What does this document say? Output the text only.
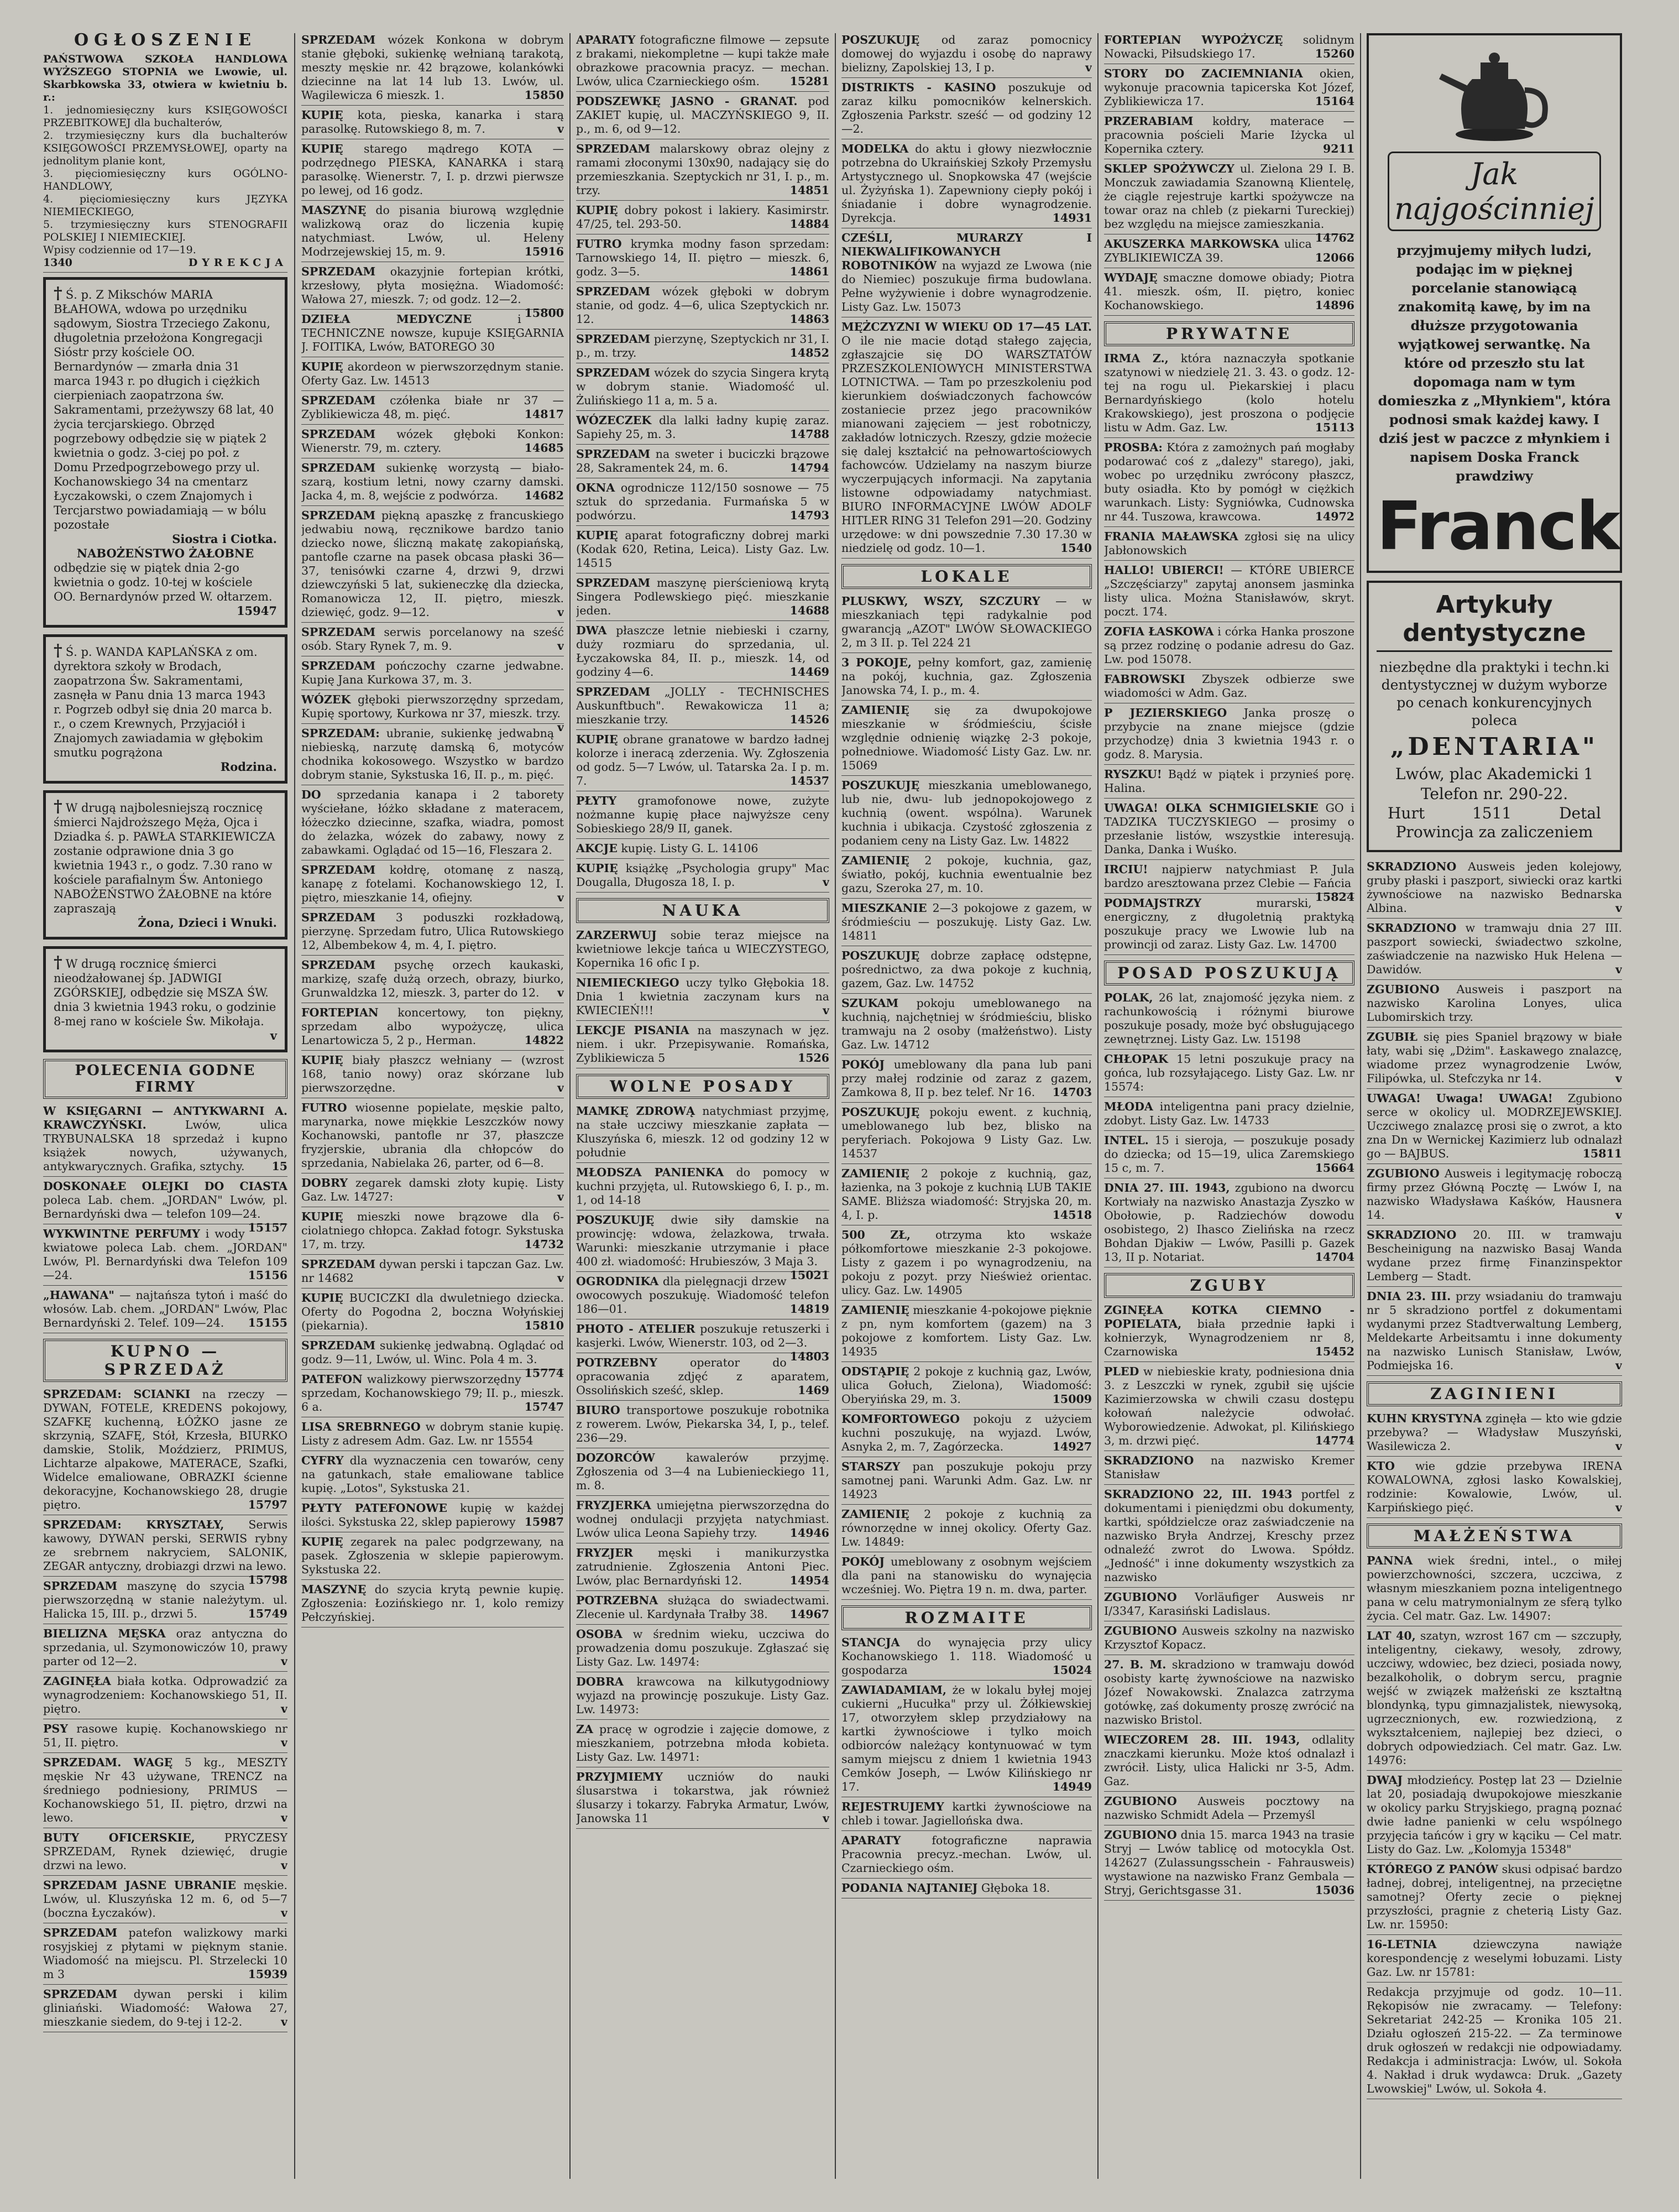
OGŁOSZENIE
PAŃSTWOWA SZKOŁA HANDLOWA WYŻSZEGO STOPNIA we Lwowie, ul. Skarbkowska 33, otwiera w kwietniu b. r.:
1. jednomiesięczny kurs KSIĘGOWOŚCI PRZEBITKOWEJ dla buchalterów,
2. trzymiesięczny kurs dla buchalterów KSIĘGOWOŚCI PRZEMYSŁOWEJ, oparty na jednolitym planie kont,
3. pięciomiesięczny kurs OGÓLNO-HANDLOWY,
4. pięciomiesięczny kurs JĘZYKA NIEMIECKIEGO,
5. trzymiesięczny kurs STENOGRAFII POLSKIEJ I NIEMIECKIEJ.
Wpisy codziennie od 17—19.
1340	DYREKCJA
† Ś. p. Z Mikschów MARIA BŁAHOWA, wdowa po urzędniku sądowym, Siostra Trzeciego Zakonu, długoletnia przełożona Kongregacji Sióstr przy kościele OO. Bernardynów — zmarła dnia 31 marca 1943 r. po długich i ciężkich cierpieniach zaopatrzona św. Sakramentami, przeżywszy 68 lat, 40 życia tercjarskiego. Obrzęd pogrzebowy odbędzie się w piątek 2 kwietnia o godz. 3-ciej po poł. z Domu Przedpogrzebowego przy ul. Kochanowskiego 34 na cmentarz Łyczakowski, o czem Znajomych i Tercjarstwo powiadamiają — w bólu pozostałe
Siostra i Ciotka.
NABOŻEŃSTWO ŻAŁOBNE
odbędzie się w piątek dnia 2-go kwietnia o godz. 10-tej w kościele OO. Bernardynów przed W. ołtarzem.
15947
† Ś. p. WANDA KAPLAŃSKA z om. dyrektora szkoły w Brodach, zaopatrzona Św. Sakramentami, zasnęła w Panu dnia 13 marca 1943 r. Pogrzeb odbył się dnia 20 marca b. r., o czem Krewnych, Przyjaciół i Znajomych zawiadamia w głębokim smutku pogrążona
Rodzina.
† W drugą najbolesniejszą rocznicę śmierci Najdroższego Męża, Ojca i Dziadka ś. p. PAWŁA STARKIEWICZA zostanie odprawione dnia 3 go kwietnia 1943 r., o godz. 7.30 rano w kościele parafialnym Św. Antoniego NABOŻEŃSTWO ŻAŁOBNE na które zapraszają
Żona, Dzieci i Wnuki.
† W drugą rocznicę śmierci nieodżałowanej śp. JADWIGI ZGÓRSKIEJ, odbędzie się MSZA ŚW. dnia 3 kwietnia 1943 roku, o godzinie 8-mej rano w kościele Św. Mikołaja.
v
POLECENIA GODNE FIRMY
W KSIĘGARNI — ANTYKWARNI A. KRAWCZYŃSKI.	Lwów, ulica TRYBUNALSKA 18 sprzedaż i kupno książek nowych, używanych, antykwarycznych. Grafika, sztychy. 15
DOSKONAŁE OLEJKI DO CIASTA poleca Lab. chem. „JORDAN" Lwów, pl. Bernardyński dwa — telefon 109—24.
15157
WYKWINTNE PERFUMY i wody kwiatowe poleca Lab. chem. „JORDAN" Lwów, Pl. Bernardyński dwa Telefon 109—24.	15156
„HAWANA" — najtańsza tytoń i maść do włosów. Lab. chem. „JORDAN" Lwów, Plac Bernardyński 2. Telef. 109—24. 15155
KUPNO — SPRZEDAŻ
SPRZEDAM: SCIANKI na rzeczy — DYWAN, FOTELE, KREDENS pokojowy, SZAFKĘ kuchenną, ŁÓŻKO jasne ze skrzynią, SZAFĘ, Stół, Krzesła, BIURKO damskie, Stolik, Moździerz, PRIMUS, Lichtarze alpakowe, MATERACE, Szafki, Widelce emaliowane, OBRAZKI ścienne dekoracyjne, Kochanowskiego 28, drugie piętro.	15797
SPRZEDAM: KRYSZTAŁY, Serwis kawowy, DYWAN perski, SERWIS rybny ze srebrnem nakryciem, SALONIK, ZEGAR antyczny, drobiazgi drzwi na lewo.
15798
SPRZEDAM maszynę do szycia pierwszorzędną w stanie należytym. ul. Halicka 15, III. p., drzwi 5.	15749
BIELIZNA MĘSKA oraz antyczna do sprzedania, ul. Szymonowiczów 10, prawy parter od 12—2.	v
ZAGINĘŁA biała kotka. Odprowadzić za wynagrodzeniem: Kochanowskiego 51, II. piętro.	v
PSY rasowe kupię. Kochanowskiego nr 51, II. piętro.	v
SPRZEDAM. WAGĘ 5 kg., MESZTY męskie Nr 43 używane, TRENCZ na średniego podniesiony, PRIMUS — Kochanowskiego 51, II. piętro, drzwi na lewo.	v
BUTY OFICERSKIE,	PRYCZESY SPRZEDAM, Rynek dziewięć, drugie drzwi na lewo.	v
SPRZEDAM JASNE UBRANIE męskie. Lwów, ul. Kluszyńska 12 m. 6, od 5—7 (boczna Łyczaków).	v
SPRZEDAM patefon walizkowy marki rosyjskiej z płytami w pięknym stanie. Wiadomość na miejscu. Pl. Strzelecki 10 m 3	15939
SPRZEDAM dywan perski i kilim gliniański. Wiadomość: Wałowa 27, mieszkanie siedem, do 9-tej i 12-2.	v
SPRZEDAM wózek Konkona w dobrym stanie głęboki, sukienkę wełnianą tarakotą, meszty męskie nr. 42 brązowe, kolankówki dziecinne na lat 14 lub 13. Lwów, ul. Wagilewicza 6 mieszk. 1.	15850
KUPIĘ kota, pieska, kanarka i starą parasolkę. Rutowskiego 8, m. 7.	v
KUPIĘ starego mądrego KOTA — podrzędnego PIESKA, KANARKA i starą parasolkę. Wienerstr. 7, I. p. drzwi pierwsze po lewej, od 16 godz.
MASZYNĘ do pisania biurową względnie walizkową oraz do liczenia kupię natychmiast. Lwów, ul. Heleny Modrzejewskiej 15, m. 9.	15916
SPRZEDAM okazyjnie fortepian krótki, krzesłowy, płyta mosiężna. Wiadomość: Wałowa 27, mieszk. 7; od godz. 12—2.
15800
DZIEŁA MEDYCZNE	i TECHNICZNE nowsze, kupuje KSIĘGARNIA J. FOITIKA, Lwów, BATOREGO 30
KUPIĘ akordeon w pierwszorzędnym stanie. Oferty Gaz. Lw. 14513
SPRZEDAM czółenka białe nr 37 — Zyblikiewicza 48, m. pięć.	14817
SPRZEDAM wózek głęboki Konkon: Wienerstr. 79, m. cztery.	14685
SPRZEDAM sukienkę worzystą — biało-szarą, kostium letni, nowy czarny damski. Jacka 4, m. 8, wejście z podwórza. 14682
SPRZEDAM piękną apaszkę z francuskiego jedwabiu nową, ręcznikowe bardzo tanio dziecko nowe, śliczną makatę zakopiańską, pantofle czarne na pasek obcasa płaski 36—37, tenisówki czarne 4, drzwi 9, drzwi dziewczyński 5 lat, sukieneczkę dla dziecka, Romanowicza 12, II. piętro, mieszk. dziewięć, godz. 9—12.	v
SPRZEDAM serwis porcelanowy na sześć osób. Stary Rynek 7, m. 9.	v
SPRZEDAM pończochy czarne jedwabne. Kupię Jana Kurkowa 37, m. 3.
WÓZEK głęboki pierwszorzędny sprzedam, Kupię sportowy, Kurkowa nr 37, mieszk. trzy.
v
SPRZEDAM: ubranie, sukienkę jedwabną niebieską, narzutę damską 6, motyców chodnika kokosowego. Wszystko w bardzo dobrym stanie, Sykstuska 16, II. p., m. pięć.
DO sprzedania kanapa i 2 taborety wyściełane, łóżko składane z materacem, łóżeczko dziecinne, szafka, wiadra, pomost do żelazka, wózek do zabawy, nowy z zabawkami. Oglądać od 15—16, Fleszara 2.
SPRZEDAM kołdrę, otomanę z naszą, kanapę z fotelami. Kochanowskiego 12, I. piętro, mieszkanie 14, ofiejny.	v
SPRZEDAM 3 poduszki rozkładową, pierzynę. Sprzedam futro, Ulica Rutowskiego 12, Albembekow 4, m. 4, I. piętro.
SPRZEDAM psychę orzech kaukaski, markizę, szafę dużą orzech, obrazy, biurko, Grunwaldzka 12, mieszk. 3, parter do 12. v
FORTEPIAN koncertowy, ton piękny, sprzedam albo wypożyczę, ulica Lenartowicza 5, 2 p., Herman.	14822
KUPIĘ biały płaszcz wełniany — (wzrost 168, tanio nowy) oraz skórzane lub pierwszorzędne.	v
FUTRO wiosenne popielate, męskie palto, marynarka, nowe miękkie Leszczków nowy Kochanowski, pantofle nr 37, płaszcze fryzjerskie, ubrania dla chłopców do sprzedania, Nabielaka 26, parter, od 6—8.
DOBRY zegarek damski złoty kupię. Listy Gaz. Lw. 14727:	v
KUPIĘ mieszki nowe brązowe dla 6-ciolatniego chłopca. Zakład fotogr. Sykstuska 17, m. trzy.	14732
SPRZEDAM dywan perski i tapczan Gaz. Lw. nr 14682	v
KUPIĘ BUCICZKI dla dwuletniego dziecka. Oferty do Pogodna 2, boczna Wołyńskiej (piekarnia).	15810
SPRZEDAM sukienkę jedwabną. Oglądać od godz. 9—11, Lwów, ul. Winc. Pola 4 m. 3.
15774
PATEFON walizkowy pierwszorzędny sprzedam, Kochanowskiego 79; II. p., mieszk. 6 a.	15747
LISA SREBRNEGO w dobrym stanie kupię. Listy z adresem Adm. Gaz. Lw. nr 15554
CYFRY dla wyznaczenia cen towarów, ceny na gatunkach, stałe emaliowane tablice kupię. „Lotos", Sykstuska 21.
PŁYTY PATEFONOWE kupię w każdej ilości. Sykstuska 22, sklep papierowy 15987
KUPIĘ zegarek na palec podgrzewany, na pasek. Zgłoszenia w sklepie papierowym. Sykstuska 22.
MASZYNĘ do szycia krytą pewnie kupię. Zgłoszenia: Łozińskiego nr. 1, kolo remizy Pełczyńskiej.
APARATY fotograficzne filmowe — zepsute z brakami, niekompletne — kupi także małe obrazkowe pracownia pracyz. — mechan. Lwów, ulica Czarnieckiego ośm.	15281
PODSZEWKĘ JASNO - GRANAT. pod ZAKIET kupię, ul. MACZYŃSKIEGO 9, II. p., m. 6, od 9—12.
SPRZEDAM malarskowy obraz olejny z ramami złoconymi 130x90, nadający się do przemieszkania. Szeptyckich nr 31, I. p., m. trzy.	14851
KUPIĘ dobry pokost i lakiery. Kasimirstr. 47/25, tel. 293-50.	14884
FUTRO krymka modny fason sprzedam: Tarnowskiego 14, II. piętro — mieszk. 6, godz. 3—5.	14861
SPRZEDAM wózek głęboki w dobrym stanie, od godz. 4—6, ulica Szeptyckich nr. 12.	14863
SPRZEDAM pierzynę, Szeptyckich nr 31, I. p., m. trzy.	14852
SPRZEDAM wózek do szycia Singera krytą w dobrym stanie. Wiadomość ul. Żulińskiego 11 a, m. 5 a.
WÓZECZEK dla lalki ładny kupię zaraz. Sapiehy 25, m. 3.	14788
SPRZEDAM na sweter i buciczki brązowe 28, Sakramentek 24, m. 6.	14794
OKNA ogrodnicze 112/150 sosnowe — 75 sztuk do sprzedania. Furmańska 5 w podwórzu.	14793
KUPIĘ aparat fotograficzny dobrej marki (Kodak 620, Retina, Leica). Listy Gaz. Lw. 14515
SPRZEDAM maszynę pierścieniową krytą Singera Podlewskiego pięć. mieszkanie jeden.	14688
DWA płaszcze letnie niebieski i czarny, duży rozmiaru do sprzedania, ul. Łyczakowska 84, II. p., mieszk. 14, od godziny 4—6.	14469
SPRZEDAM „JOLLY - TECHNISCHES Auskunftbuch". Rewakowicza 11 a; mieszkanie trzy.	14526
KUPIĘ obrane granatowe w bardzo ładnej kolorze i ineracą zderzenia. Wy. Zgłoszenia od godz. 5—7 Lwów, ul. Tatarska 2a. I p. m. 7.	14537
PŁYTY gramofonowe nowe, zużyte nożmanne kupię płace najwyższe ceny Sobieskiego 28/9 II, ganek.
AKCJE kupię. Listy G. L. 14106
KUPIĘ książkę „Psychologia grupy" Mac Dougalla, Długosza 18, I. p.	v
NAUKA
ZARZERWUJ sobie teraz miejsce na kwietniowe lekcje tańca u WIECZYSTEGO, Kopernika 16 ofic I p.
NIEMIECKIEGO uczy tylko Głębokia 18. Dnia 1 kwietnia zaczynam kurs na KWIECIEŃ!!!	v
LEKCJE PISANIA na maszynach w jęz. niem. i ukr. Przepisywanie. Romańska, Zyblikiewicza 5	1526
WOLNE POSADY
MAMKĘ ZDROWĄ natychmiast przyjmę, na stałe uczciwy mieszkanie zapłata — Kluszyńska 6, mieszk. 12 od godziny 12 w południe
MŁODSZA PANIENKA do pomocy w kuchni przyjęta, ul. Rutowskiego 6, I. p., m. 1, od 14-18
POSZUKUJĘ dwie siły damskie na prowincję: wdowa, żelazkowa, trwała. Warunki: mieszkanie utrzymanie i płace 400 zł. wiadomość: Hrubieszów, 3 Maja 3.
15021
OGRODNIKA dla pielęgnacji drzew owocowych poszukuję. Wiadomość telefon 186—01.	14819
PHOTO - ATELIER poszukuje retuszerki i kasjerki. Lwów, Wienerstr. 103, od 2—3.
14803
POTRZEBNY	operator do opracowania zdjęć z aparatem, Ossolińskich sześć, sklep.	1469
BIURO transportowe poszukuje robotnika z rowerem. Lwów, Piekarska 34, I, p., telef. 236—29.
DOZORCÓW	kawalerów przyjmę. Zgłoszenia od 3—4 na Lubienieckiego 11, m. 8.
FRYZJERKA umiejętna pierwszorzędna do wodnej ondulacji przyjęta natychmiast. Lwów ulica Leona Sapiehy trzy.	14946
FRYZJER męski i manikurzystka zatrudnienie. Zgłoszenia Antoni Piec. Lwów, plac Bernardyński 12.	14954
POTRZEBNA służąca do swiadectwami. Zlecenie ul. Kardynała Trałby 38. 14967
OSOBA w średnim wieku, uczciwa do prowadzenia domu poszukuje. Zgłaszać się Listy Gaz. Lw. 14974:
DOBRA krawcowa na kilkutygodniowy wyjazd na prowincję poszukuje. Listy Gaz. Lw. 14973:
ZA pracę w ogrodzie i zajęcie domowe, z mieszkaniem, potrzebna młoda kobieta. Listy Gaz. Lw. 14971:
PRZYJMIEMY uczniów do nauki ślusarstwa i tokarstwa, jak również ślusarzy i tokarzy. Fabryka Armatur, Lwów, Janowska 11	v
POSZUKUJĘ od zaraz pomocnicy domowej do wyjazdu i osobę do naprawy bielizny, Zapolskiej 13, I p.	v
DISTRIKTS - KASINO poszukuje od zaraz kilku pomocników kelnerskich. Zgłoszenia Parkstr. sześć — od godziny 12—2.
MODELKA do aktu i głowy niezwłocznie potrzebna do Ukraińskiej Szkoły Przemysłu Artystycznego ul. Snopkowska 47 (wejście ul. Żyżyńska 1). Zapewniony ciepły pokój i śniadanie i dobre wynagrodzenie. Dyrekcja.	14931
CZEŚLI, MURARZY I NIEKWALIFIKOWANYCH ROBOTNIKÓW na wyjazd ze Lwowa (nie do Niemiec) poszukuje firma budowlana. Pełne wyżywienie i dobre wynagrodzenie. Listy Gaz. Lw. 15073
MĘŻCZYZNI W WIEKU OD 17—45 LAT. O ile nie macie dotąd stałego zajęcia, zgłaszajcie się DO WARSZTATÓW PRZESZKOLENIOWYCH MINISTERSTWA LOTNICTWA. — Tam po przeszkoleniu pod kierunkiem doświadczonych fachowców zostaniecie przez jego pracowników mianowani zajęciem — jest robotniczy, zakładów lotniczych. Rzeszy, gdzie możecie się dalej kształcić na pełnowartościowych fachowców. Udzielamy na naszym biurze wyczerpujących informacji. Na zapytania listowne odpowiadamy natychmiast. BIURO INFORMACYJNE LWÓW ADOLF HITLER RING 31 Telefon 291—20. Godziny urzędowe: w dni powszednie 7.30 17.30 w niedzielę od godz. 10—1.	1540
LOKALE
PLUSKWY, WSZY, SZCZURY — w mieszkaniach tępi radykalnie pod gwarancją „AZOT" LWÓW SŁOWACKIEGO 2, m 3 II. p. Tel 224 21
3 POKOJE, pełny komfort, gaz, zamienię na pokój, kuchnia, gaz. Zgłoszenia Janowska 74, I. p., m. 4.
ZAMIENIĘ się za dwupokojowe mieszkanie w śródmieściu, ścisłe względnie odnienię wiązkę 2-3 pokoje, połnedniowe. Wiadomość Listy Gaz. Lw. nr. 15069
POSZUKUJĘ mieszkania umeblowanego, lub nie, dwu- lub jednopokojowego z kuchnią (owent. wspólna). Warunek kuchnia i ubikacja. Czystość zgłoszenia z podaniem ceny na Listy Gaz. Lw. 14822
ZAMIENIĘ 2 pokoje, kuchnia, gaz, światło, pokój, kuchnia ewentualnie bez gazu, Szeroka 27, m. 10.
MIESZKANIE 2—3 pokojowe z gazem, w śródmieściu — poszukuję. Listy Gaz. Lw. 14811
POSZUKUJĘ dobrze zapłacę odstępne, pośrednictwo, za dwa pokoje z kuchnią, gazem, Gaz. Lw. 14752
SZUKAM pokoju umeblowanego na kuchnią, najchętniej w śródmieściu, blisko tramwaju na 2 osoby (małżeństwo). Listy Gaz. Lw. 14712
POKÓJ umeblowany dla pana lub pani przy małej rodzinie od zaraz z gazem, Zamkowa 8, II p. bez telef. Nr 16. 14703
POSZUKUJĘ pokoju ewent. z kuchnią, umeblowanego lub bez, blisko na peryferiach. Pokojowa 9 Listy Gaz. Lw. 14537
ZAMIENIĘ 2 pokoje z kuchnią, gaz, łazienka, na 3 pokoje z kuchnią LUB TAKIE SAME. Bliższa wiadomość: Stryjska 20, m. 4, I. p.	14518
500 ZŁ, otrzyma kto wskaże półkomfortowe mieszkanie 2-3 pokojowe. Listy z gazem i po wynagrodzeniu, na pokoju z pozyt. przy Nieśwież orientac. ulicy. Gaz. Lw. 14905
ZAMIENIĘ mieszkanie 4-pokojowe pięknie z pn, nym komfortem (gazem) na 3 pokojowe z komfortem. Listy Gaz. Lw. 14935
ODSTĄPIĘ 2 pokoje z kuchnią gaz, Lwów, ulica Gołuch, Zielona), Wiadomość: Oberyińska 29, m. 3.	15009
KOMFORTOWEGO pokoju z użyciem kuchni poszukuję, na wyjazd. Lwów, Asnyka 2, m. 7, Zagórzecka.	14927
STARSZY pan poszukuje pokoju przy samotnej pani. Warunki Adm. Gaz. Lw. nr 14923
ZAMIENIĘ 2 pokoje z kuchnią za równorzędne w innej okolicy. Oferty Gaz. Lw. 14849:
POKÓJ umeblowany z osobnym wejściem dla pani na stanowisku do wynajęcia wcześniej. Wo. Piętra 19 n. m. dwa, parter.
ROZMAITE
STANCJA do wynajęcia przy ulicy Kochanowskiego 1. 118. Wiadomość u gospodarza	15024
ZAWIADAMIAM, że w lokalu byłej mojej cukierni „Hucułka" przy ul. Żółkiewskiej 17, otworzyłem sklep przydziałowy na kartki żywnościowe i tylko moich odbiorców należący kontynuować w tym samym miejscu z dniem 1 kwietnia 1943 Cemków Joseph, — Lwów Kilińskiego nr 17.	14949
REJESTRUJEMY kartki żywnościowe na chleb i towar. Jagiellońska dwa.
APARATY	fotograficzne naprawia Pracownia precyz.-mechan. Lwów, ul. Czarnieckiego ośm.
PODANIA NAJTANIEJ Głęboka 18.
FORTEPIAN WYPOŻYCZĘ solidnym Nowacki, Piłsudskiego 17.	15260
STORY DO ZACIEMNIANIA okien, wykonuje pracownia tapicerska Kot Józef, Zyblikiewicza 17.	15164
PRZERABIAM kołdry, materace — pracownia pościeli Marie Iżycka ul Kopernika cztery.	9211
SKLEP SPOŻYWCZY ul. Zielona 29 I. B. Monczuk zawiadamia Szanowną Klientelę, że ciągle rejestruje kartki spożywcze na towar oraz na chleb (z piekarni Tureckiej) bez względu na miejsce zamieszkania.
14762
AKUSZERKA MARKOWSKA ulica ZYBLIKIEWICZA 39.	12066
WYDAJĘ smaczne domowe obiady; Piotra 41. mieszk. ośm, II. piętro, koniec Kochanowskiego.	14896
PRYWATNE
IRMA Z., która naznaczyła spotkanie szatynowi w niedzielę 21. 3. 43. o godz. 12-tej na rogu ul. Piekarskiej i placu Bernardyńskiego (kolo hotelu Krakowskiego), jest proszona o podjęcie listu w Adm. Gaz. Lw.	15113
PROSBA: Która z zamożnych pań mogłaby podarować coś z „dalezy" starego), jaki, wobec po urzędniku zwrócony płaszcz, buty osiadła. Kto by pomógł w ciężkich warunkach. Listy: Sygniówka, Cudnowska nr 44. Tuszowa, krawcowa.	14972
FRANIA MAŁAWSKA zgłosi się na ulicy Jabłonowskich
HALLO! UBIERCI! — KTÓRE UBIERCE „Szczęściarzy" zapytaj anonsem jasminka listy ulica. Można Stanisławów, skryt. poczt. 174.
ZOFIA ŁASKOWA i córka Hanka proszone są przez rodzinę o podanie adresu do Gaz. Lw. pod 15078.
FABROWSKI Zbyszek odbierze swe wiadomości w Adm. Gaz.
P JEZIERSKIEGO Janka proszę o przybycie na znane miejsce (gdzie przychodzę) dnia 3 kwietnia 1943 r. o godz. 8. Marysia.
RYSZKU! Bądź w piątek i przynieś porę. Halina.
UWAGA! OLKA SCHMIGIELSKIE GO i TADZIKA TUCZYSKIEGO — prosimy o przesłanie listów, wszystkie interesują. Danka, Danka i Wuśko.
IRCIU! najpierw natychmiast P. Jula bardzo aresztowana przez Clebie — Fańcia
15824
PODMAJSTRZY	murarski, energiczny, z długoletnią praktyką poszukuje pracy we Lwowie lub na prowincji od zaraz. Listy Gaz. Lw. 14700
POSAD POSZUKUJĄ
POLAK, 26 lat, znajomość języka niem. z rachunkowością i różnymi biurowe poszukuje posady, może być obsługującego zewnętrznej. Listy Gaz. Lw. 15198
CHŁOPAK 15 letni poszukuje pracy na gońca, lub rozsyłającego. Listy Gaz. Lw. nr 15574:
MŁODA inteligentna pani pracy dzielnie, zdobyt. Listy Gaz. Lw. 14733
INTEL. 15 i sieroja, — poszukuje posady do dziecka; od 15—19, ulica Zaremskiego 15 c, m. 7.	15664
DNIA 27. III. 1943, zgubiono na dworcu Kortwiały na nazwisko Anastazja Zyszko w Obołowie, p. Radziechów dowodu osobistego, 2) Ihasco Zielińska na rzecz Bohdan Djakiw — Lwów, Pasilli p. Gazek 13, II p. Notariat.	14704
ZGUBY
ZGINĘŁA KOTKA CIEMNO - POPIELATA, biała przednie łapki i kołnierzyk, Wynagrodzeniem nr 8, Czarnowiska	15452
PLED w niebieskie kraty, podniesiona dnia 3. z Leszczki w rynek, zgubił się ujście Kazimierzowska w chwili czasu dostępu kołowań należycie odwołać. Wyborowiedzenie. Adwokat, pl. Kilińskiego 3, m. drzwi pięć.	14774
SKRADZIONO na nazwisko Kremer Stanisław
SKRADZIONO 22, III. 1943 portfel z dokumentami i pieniędzmi obu dokumenty, kartki, spółdzielcze oraz zaświadczenie na nazwisko Bryła Andrzej, Kreschy przez odnaleźć zwrot do Lwowa. Spółdz. „Jedność" i inne dokumenty wszystkich za nazwisko
ZGUBIONO Vorläufiger Ausweis nr I/3347, Karasiński Ladislaus.
ZGUBIONO Ausweis szkolny na nazwisko Krzysztof Kopacz.
27. B. M. skradziono w tramwaju dowód osobisty kartę żywnościowe na nazwisko Józef Nowakowski. Znalazca zatrzyma gotówkę, zaś dokumenty proszę zwrócić na nazwisko Bristol.
WIECZOREM 28. III. 1943, odlality znaczkami kierunku. Może ktoś odnalazł i zwrócił. Listy, ulica Halicki nr 3-5, Adm. Gaz.
ZGUBIONO Ausweis pocztowy na nazwisko Schmidt Adela — Przemyśl
ZGUBIONO dnia 15. marca 1943 na trasie Stryj — Lwów tablicę od motocykla Ost. 142627 (Zulassungsschein - Fahrausweis) wystawione na nazwisko Franz Gembala — Stryj, Gerichtsgasse 31.	15036
Jak najgościnniej
przyjmujemy miłych ludzi, podając im w pięknej porcelanie stanowiącą znakomitą kawę, by im na dłuższe przygotowania wyjątkowej serwantkę. Na które od przeszło stu lat dopomaga nam w tym domieszka z „Młynkiem", która podnosi smak każdej kawy. I dziś jest w paczce z młynkiem i napisem Doska Franck prawdziwy
Franck
Artykuły dentystyczne
niezbędne dla praktyki i techn.ki dentystycznej w dużym wyborze po cenach konkurencyjnych poleca
„DENTARIA"
Lwów, plac Akademicki 1
Telefon nr. 290-22.
Hurt	1511	Detal
Prowincja za zaliczeniem
SKRADZIONO Ausweis jeden kolejowy, gruby płaski i paszport, siwiecki oraz kartki żywnościowe na nazwisko Bednarska Albina.	v
SKRADZIONO w tramwaju dnia 27 III. paszport sowiecki, świadectwo szkolne, zaświadczenie na nazwisko Huk Helena — Dawidów.	v
ZGUBIONO Ausweis i paszport na nazwisko Karolina Lonyes, ulica Lubomirskich trzy.
ZGUBIŁ się pies Spaniel brązowy w białe łaty, wabi się „Dżim". Łaskawego znalazcę, wiadome przez wynagrodzenie Lwów, Filipówka, ul. Stefczyka nr 14.	v
UWAGA! Uwaga! UWAGA! Zgubiono serce w okolicy ul. MODRZEJEWSKIEJ. Uczciwego znalazcę prosi się o zwrot, a kto zna Dn w Wernickej Kazimierz lub odnalazł go — BAJBUS.	15811
ZGUBIONO Ausweis i legitymację roboczą firmy przez Główną Pocztę — Lwów I, na nazwisko Władysława Kaśków, Hausnera 14.	v
SKRADZIONO 20. III. w tramwaju Bescheinigung na nazwisko Basaj Wanda wydane przez firmę Finanzinspektor Lemberg — Stadt.
DNIA 23. III. przy wsiadaniu do tramwaju nr 5 skradziono portfel z dokumentami wydanymi przez Stadtverwaltung Lemberg, Meldekarte Arbeitsamtu i inne dokumenty na nazwisko Lunisch Stanisław, Lwów, Podmiejska 16.	v
ZAGINIENI
KUHN KRYSTYNA zginęła — kto wie gdzie przebywa? — Władysław Muszyński, Wasilewicza 2.	v
KTO wie gdzie przebywa IRENA KOWALOWNA, zgłosi lasko Kowalskiej, rodzinie: Kowalowie, Lwów, ul. Karpińskiego pięć.	v
MAŁŻEŃSTWA
PANNA wiek średni, intel., o miłej powierzchowności, szczera, uczciwa, z własnym mieszkaniem pozna inteligentnego pana w celu matrymonialnym ze sferą tylko życia. Cel matr. Gaz. Lw. 14907:
LAT 40, szatyn, wzrost 167 cm — szczupły, inteligentny, ciekawy, wesoły, zdrowy, uczciwy, wdowiec, bez dzieci, posiada nowy, bezalkoholik, o dobrym sercu, pragnie wejść w związek małżeński ze kształtną blondynką, typu gimnazjalistek, niewysoką, ugrzecznionych, ew. rozwiedzioną, z wykształceniem, najlepiej bez dzieci, o dobrych odpowiedziach. Cel matr. Gaz. Lw. 14976:
DWAJ młodzieńcy. Postęp lat 23 — Dzielnie lat 20, posiadają dwupokojowe mieszkanie w okolicy parku Stryjskiego, pragną poznać dwie ładne panienki w celu wspólnego przyjęcia tańców i gry w kąciku — Cel matr. Listy do Gaz. Lw. „Kolomyja 15348"
KTÓREGO Z PANÓW skusi odpisać bardzo ładnej, dobrej, inteligentnej, na przeciętne samotnej? Oferty zecie o pięknej przyszłości, pragnie z cheterią Listy Gaz. Lw. nr. 15950:
16-LETNIA	dziewczyna nawiąże korespondencję z weselymi łobuzami. Listy Gaz. Lw. nr 15781:
Redakcja przyjmuje od godz. 10—11. Rękopisów nie zwracamy. — Telefony: Sekretariat 242-25 — Kronika 105 21. Działu ogłoszeń 215-22. — Za terminowe druk ogłoszeń w redakcji nie odpowiadamy. Redakcja i administracja: Lwów, ul. Sokoła 4. Nakład i druk wydawca: Druk. „Gazety Lwowskiej" Lwów, ul. Sokoła 4.
